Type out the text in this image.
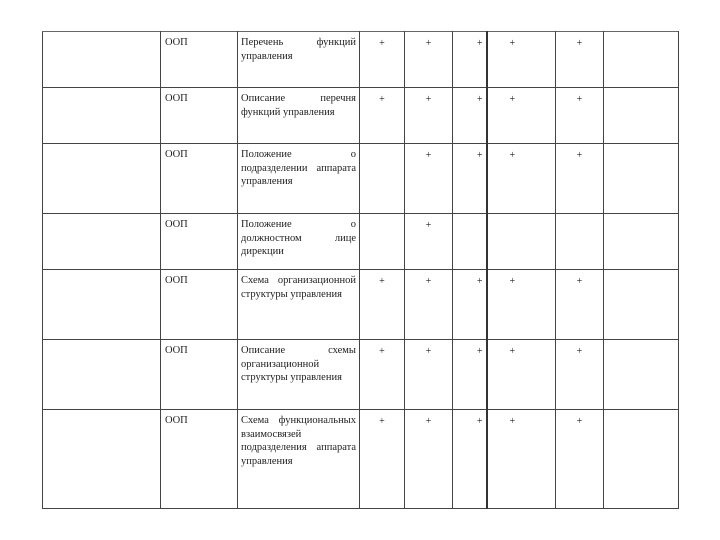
	ООП	Перечень функций управления	+	+	+	+	+	
	ООП	Описание перечня функций управления	+	+	+	+	+	
	ООП	Положение о подразделении аппарата управления		+	+	+	+	
	ООП	Положение о должностном лице дирекции		+				
	ООП	Схема организационной структуры управления	+	+	+	+	+	
	ООП	Описание схемы организационной структуры управления	+	+	+	+	+	
	ООП	Схема функциональных взаимосвязей подразделения аппарата управления	+	+	+	+	+	
